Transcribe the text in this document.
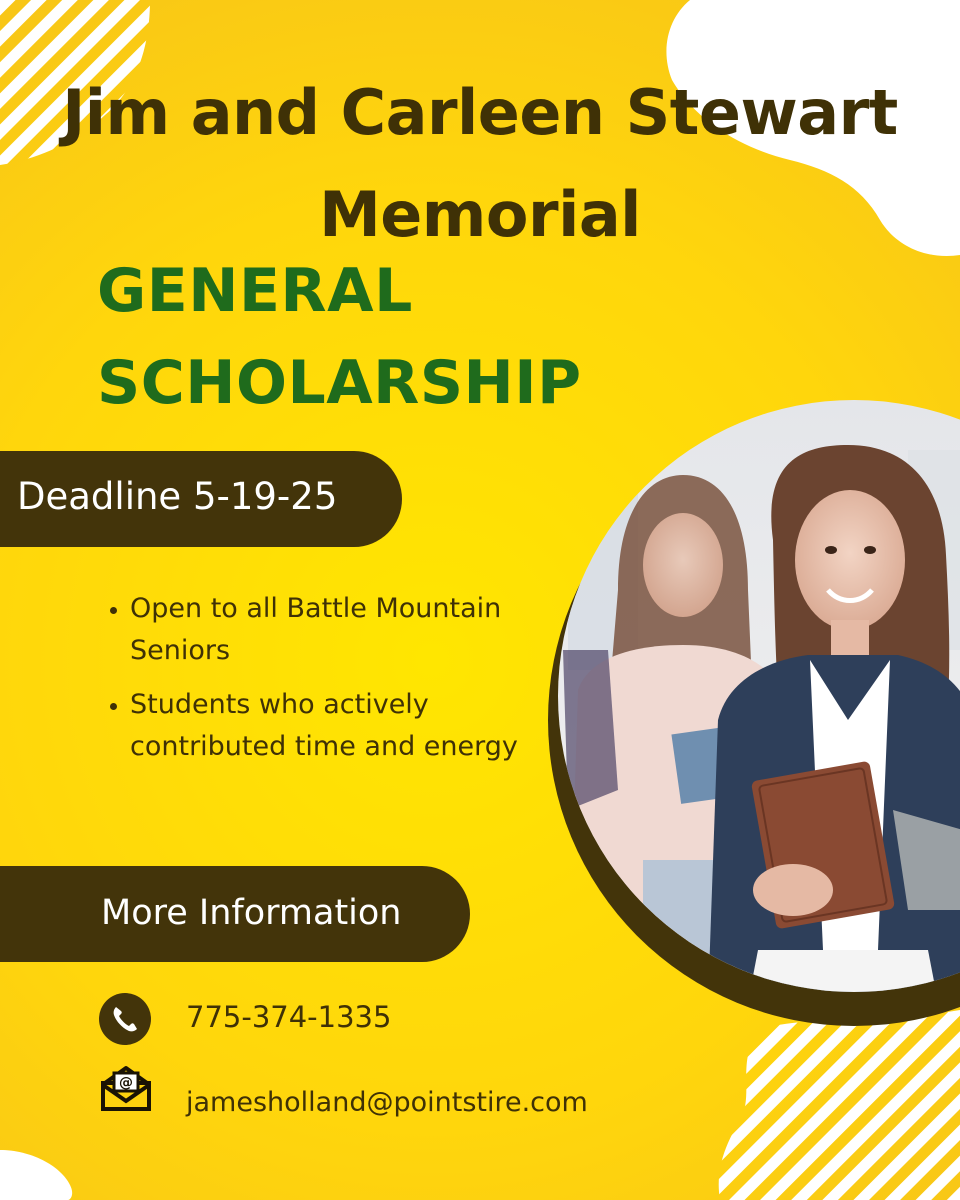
Jim and Carleen Stewart
Memorial
GENERAL
SCHOLARSHIP
Deadline 5-19-25
Open to all Battle Mountain Seniors
Students who actively contributed time and energy
More Information
775-374-1335
@
jamesholland@pointstire.com
